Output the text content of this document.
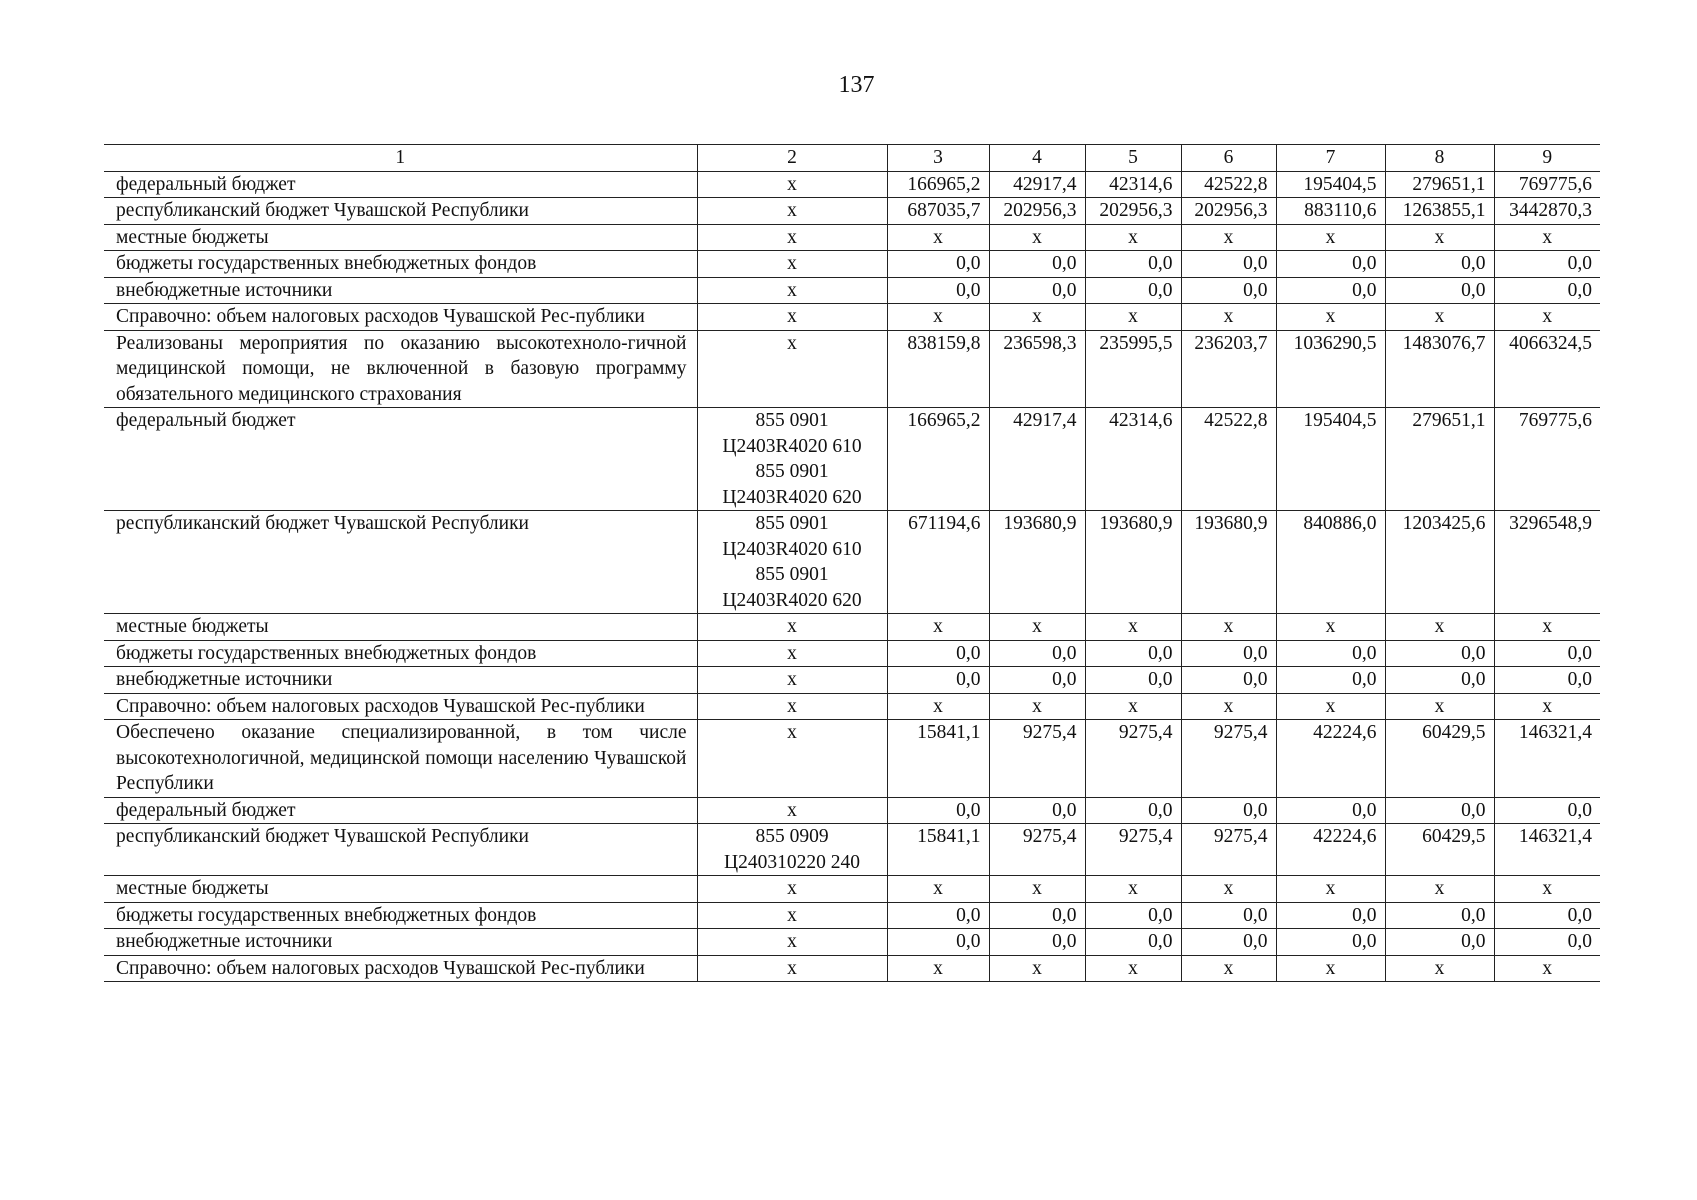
137
1	2	3	4	5	6	7	8	9
федеральный бюджет	x	166965,2	42917,4	42314,6	42522,8	195404,5	279651,1	769775,6
республиканский бюджет Чувашской Республики	x	687035,7	202956,3	202956,3	202956,3	883110,6	1263855,1	3442870,3
местные бюджеты	x	x	x	x	x	x	x	x
бюджеты государственных внебюджетных фондов	x	0,0	0,0	0,0	0,0	0,0	0,0	0,0
внебюджетные источники	x	0,0	0,0	0,0	0,0	0,0	0,0	0,0
Справочно: объем налоговых расходов Чувашской Рес-публики	x	x	x	x	x	x	x	x
Реализованы мероприятия по оказанию высокотехноло-гичной медицинской помощи, не включенной в базовую программу обязательного медицинского страхования	x	838159,8	236598,3	235995,5	236203,7	1036290,5	1483076,7	4066324,5
федеральный бюджет	855 0901
Ц2403R4020 610
855 0901
Ц2403R4020 620	166965,2	42917,4	42314,6	42522,8	195404,5	279651,1	769775,6
республиканский бюджет Чувашской Республики	855 0901
Ц2403R4020 610
855 0901
Ц2403R4020 620	671194,6	193680,9	193680,9	193680,9	840886,0	1203425,6	3296548,9
местные бюджеты	x	x	x	x	x	x	x	x
бюджеты государственных внебюджетных фондов	x	0,0	0,0	0,0	0,0	0,0	0,0	0,0
внебюджетные источники	x	0,0	0,0	0,0	0,0	0,0	0,0	0,0
Справочно: объем налоговых расходов Чувашской Рес-публики	x	x	x	x	x	x	x	x
Обеспечено оказание специализированной, в том числе высокотехнологичной, медицинской помощи населению Чувашской Республики	x	15841,1	9275,4	9275,4	9275,4	42224,6	60429,5	146321,4
федеральный бюджет	x	0,0	0,0	0,0	0,0	0,0	0,0	0,0
республиканский бюджет Чувашской Республики	855 0909
Ц240310220 240	15841,1	9275,4	9275,4	9275,4	42224,6	60429,5	146321,4
местные бюджеты	x	x	x	x	x	x	x	x
бюджеты государственных внебюджетных фондов	x	0,0	0,0	0,0	0,0	0,0	0,0	0,0
внебюджетные источники	x	0,0	0,0	0,0	0,0	0,0	0,0	0,0
Справочно: объем налоговых расходов Чувашской Рес-публики	x	x	x	x	x	x	x	x
